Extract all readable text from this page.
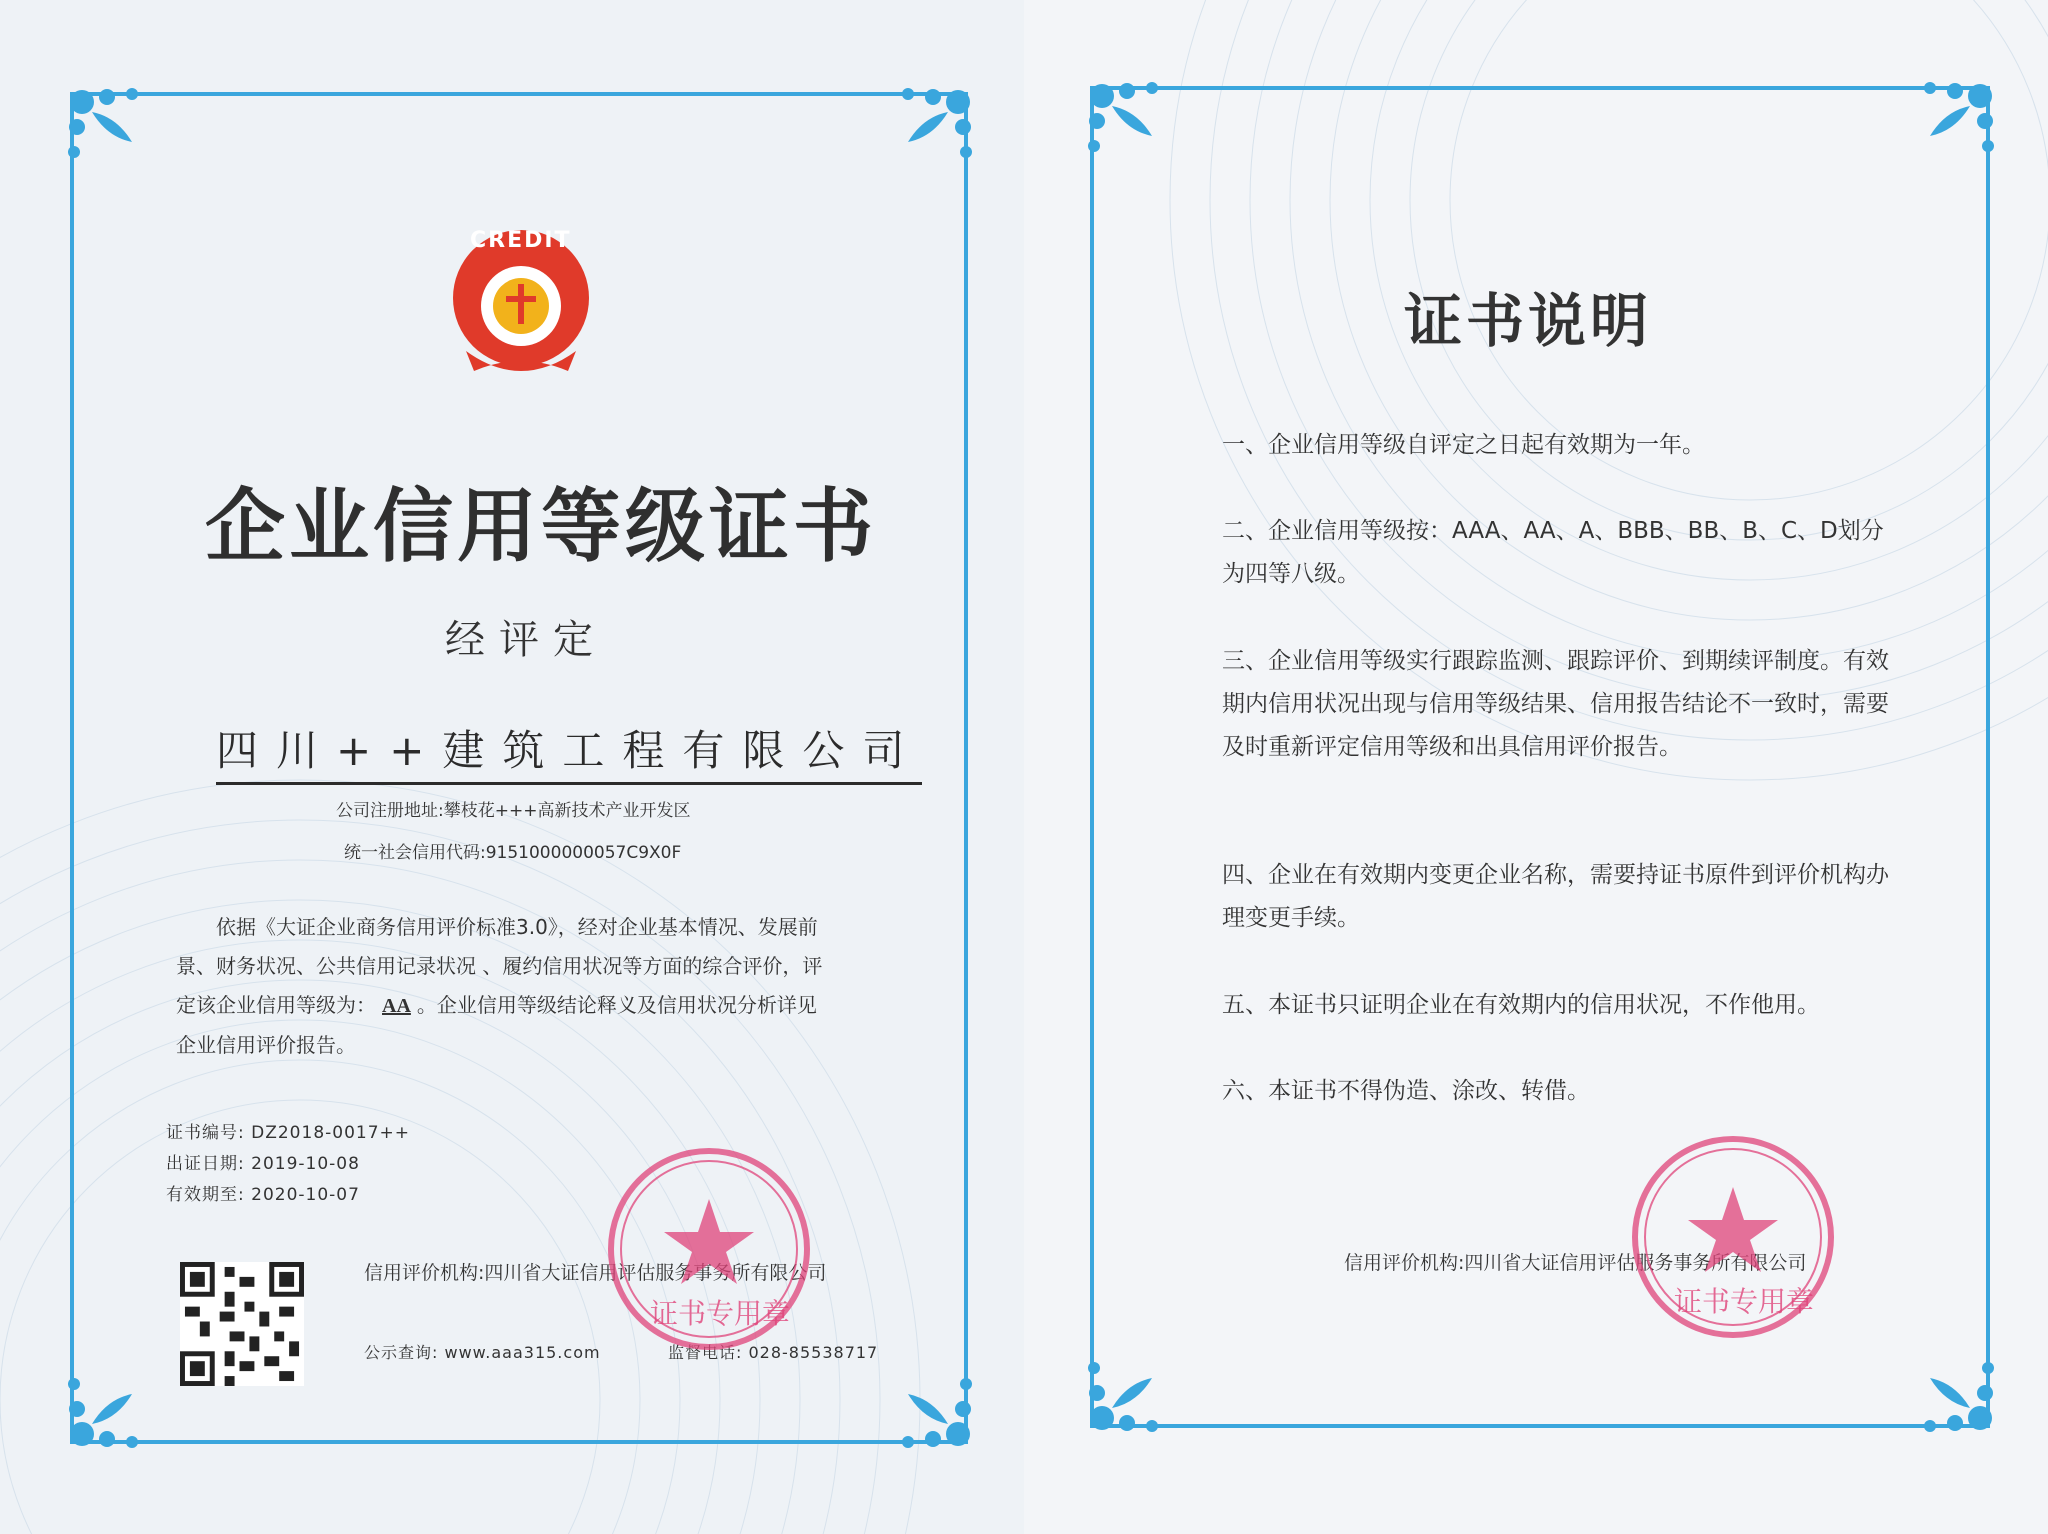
CREDIT
企业信用等级证书
经评定
四川++建筑工程有限公司
公司注册地址:攀枝花+++高新技术产业开发区
统一社会信用代码:9151000000057C9X0F
依据《大证企业商务信用评价标准3.0》，经对企业基本情况、发展前
景、财务状况、公共信用记录状况 、履约信用状况等方面的综合评价，评
定该企业信用等级为： AA 。企业信用等级结论释义及信用状况分析详见
企业信用评价报告。
证书编号: DZ2018-0017++
出证日期: 2019-10-08
有效期至: 2020-10-07
信用评价机构:四川省大证信用评估服务事务所有限公司
公示查询: www.aaa315.com	监督电话: 028-85538717
证书专用章
证书说明
一、企业信用等级自评定之日起有效期为一年。
二、企业信用等级按：AAA、AA、A、BBB、BB、B、C、D划分为四等八级。
三、企业信用等级实行跟踪监测、跟踪评价、到期续评制度。有效期内信用状况出现与信用等级结果、信用报告结论不一致时，需要及时重新评定信用等级和出具信用评价报告。
四、企业在有效期内变更企业名称，需要持证书原件到评价机构办理变更手续。
五、本证书只证明企业在有效期内的信用状况，不作他用。
六、本证书不得伪造、涂改、转借。
信用评价机构:四川省大证信用评估服务事务所有限公司
证书专用章
